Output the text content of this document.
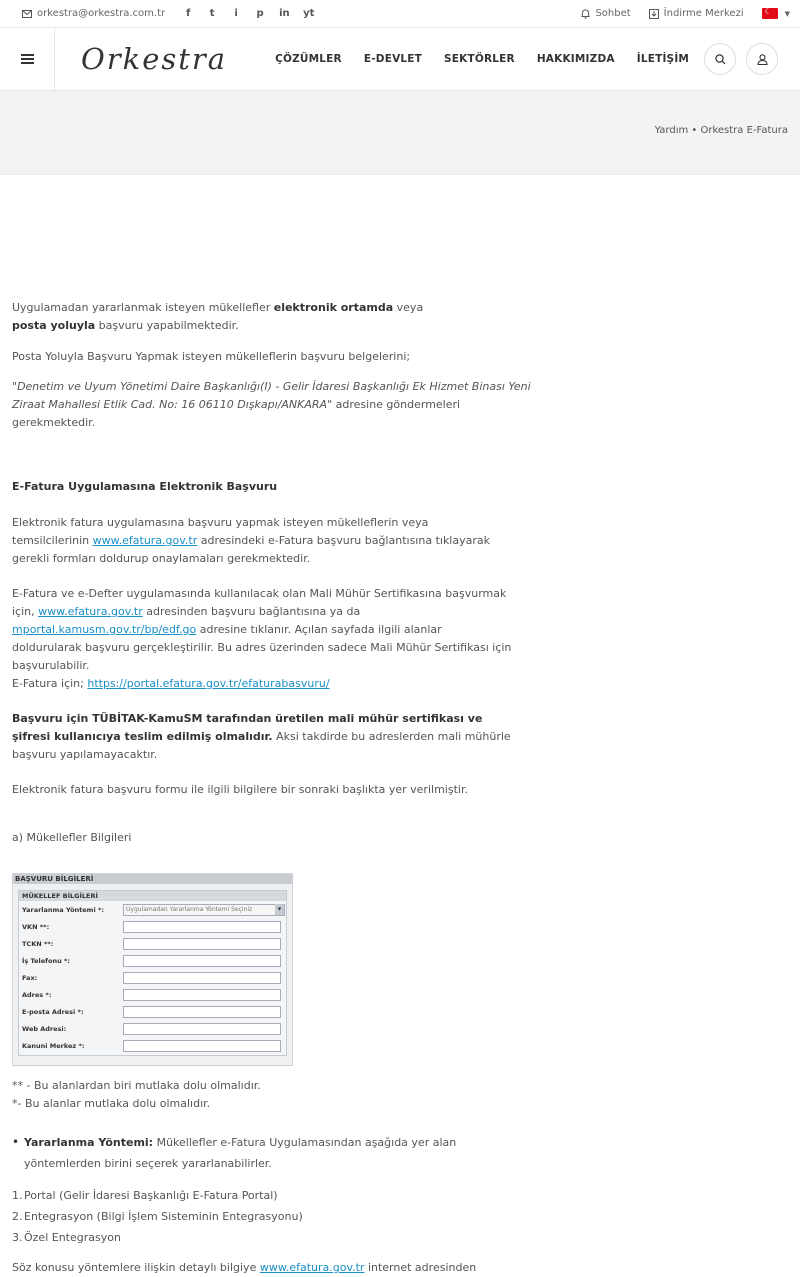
orkestra@orkestra.com.tr f t	i	p in yt	Sohbet	İndirme Merkezi
☾	▼
Orkestra	ÇÖZÜMLER E-DEVLET SEKTÖRLER HAKKIMIZDA İLETİŞİM
Yardım • Orkestra E-Fatura

Uygulamadan yararlanmak isteyen mükellefler elektronik ortamda veya posta yoluyla başvuru yapabilmektedir.

Posta Yoluyla Başvuru Yapmak isteyen mükelleflerin başvuru belgelerini;

"Denetim ve Uyum Yönetimi Daire Başkanlığı(I) - Gelir İdaresi Başkanlığı Ek Hizmet Binası Yeni Ziraat Mahallesi Etlik Cad. No: 16 06110 Dışkapı/ANKARA" adresine göndermeleri gerekmektedir.

E-Fatura Uygulamasına Elektronik Başvuru

Elektronik fatura uygulamasına başvuru yapmak isteyen mükelleflerin veya temsilcilerinin www.efatura.gov.tr adresindeki e-Fatura başvuru bağlantısına tıklayarak gerekli formları doldurup onaylamaları gerekmektedir.

E-Fatura ve e-Defter uygulamasında kullanılacak olan Mali Mühür Sertifikasına başvurmak için, www.efatura.gov.tr adresinden başvuru bağlantısına ya da mportal.kamusm.gov.tr/bp/edf.go adresine tıklanır. Açılan sayfada ilgili alanlar doldurularak başvuru gerçekleştirilir. Bu adres üzerinden sadece Mali Mühür Sertifikası için başvurulabilir.

E-Fatura için; https://portal.efatura.gov.tr/efaturabasvuru/

Başvuru için TÜBİTAK-KamuSM tarafından üretilen mali mühür sertifikası ve şifresi kullanıcıya teslim edilmiş olmalıdır. Aksi takdirde bu adreslerden mali mühürle başvuru yapılamayacaktır.

Elektronik fatura başvuru formu ile ilgili bilgilere bir sonraki başlıkta yer verilmiştir.

a) Mükellefler Bilgileri

BAŞVURU BİLGİLERİ
MÜKELLEF BİLGİLERİ
Yararlanma Yöntemi *:	Uygulamadan Yararlanma Yöntemi Seçiniz ▾
VKN **:
TCKN **:
İş Telefonu *:
Fax:
Adres *:
E-posta Adresi *:
Web Adresi:
Kanuni Merkez *:

** - Bu alanlardan biri mutlaka dolu olmalıdır.

*- Bu alanlar mutlaka dolu olmalıdır.

• Yararlanma Yöntemi: Mükellefler e-Fatura Uygulamasından aşağıda yer alan yöntemlerden birini seçerek yararlanabilirler.
1. Portal (Gelir İdaresi Başkanlığı E-Fatura Portal)
2. Entegrasyon (Bilgi İşlem Sisteminin Entegrasyonu)
3. Özel Entegrasyon

Söz konusu yöntemlere ilişkin detaylı bilgiye www.efatura.gov.tr internet adresinden
